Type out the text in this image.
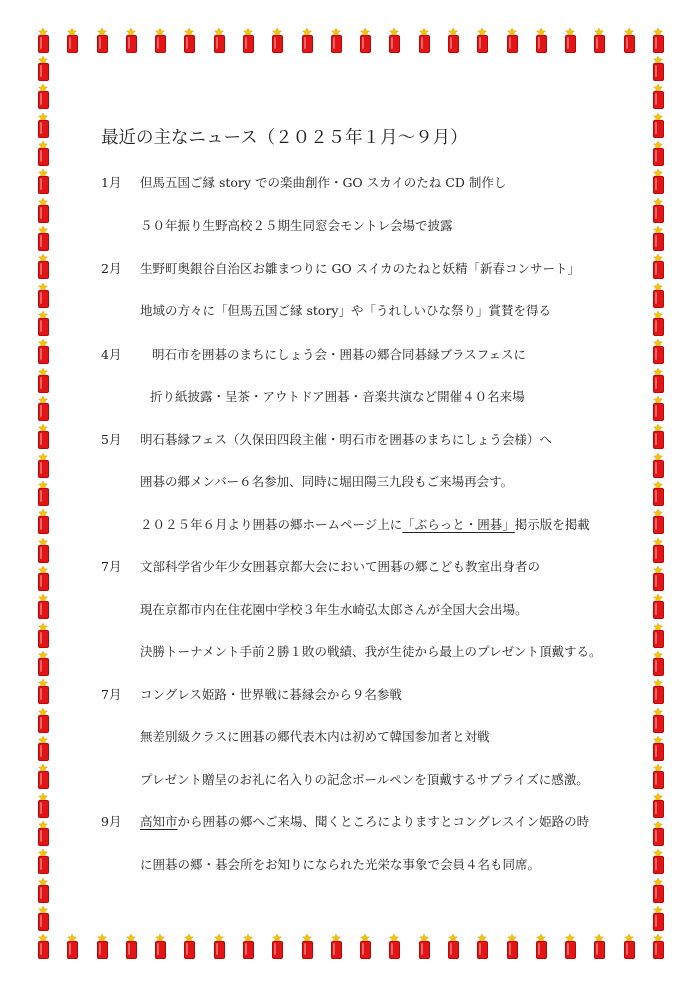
最近の主なニュース（２０２５年１月～９月）
1月 但馬五国ご縁 story での楽曲創作・GO スカイのたね CD 制作し
５０年振り生野高校２５期生同窓会モントレ会場で披露
2月 生野町奥銀谷自治区お雛まつりに GO スイカのたねと妖精「新春コンサート」
地域の方々に「但馬五国ご縁 story」や「うれしいひな祭り」賞賛を得る
4月 明石市を囲碁のまちにしょう会・囲碁の郷合同碁縁ブラスフェスに
折り紙披露・呈茶・アウトドア囲碁・音楽共演など開催４０名来場
5月 明石碁縁フェス（久保田四段主催・明石市を囲碁のまちにしょう会様）へ
囲碁の郷メンバー６名参加、同時に堀田陽三九段もご来場再会す。
２０２５年６月より囲碁の郷ホームページ上に「ぶらっと・囲碁」掲示版を掲載
7月 文部科学省少年少女囲碁京都大会において囲碁の郷こども教室出身者の
現在京都市内在住花園中学校３年生水崎弘太郎さんが全国大会出場。
決勝トーナメント手前２勝１敗の戦績、我が生徒から最上のプレゼント頂戴する。
7月 コングレス姫路・世界戦に碁縁会から９名参戦
無差別級クラスに囲碁の郷代表木内は初めて韓国参加者と対戦
プレゼント贈呈のお礼に名入りの記念ボールペンを頂戴するサプライズに感激。
9月 高知市から囲碁の郷へご来場、聞くところによりますとコングレスイン姫路の時
に囲碁の郷・碁会所をお知りになられた光栄な事象で会員４名も同席。
